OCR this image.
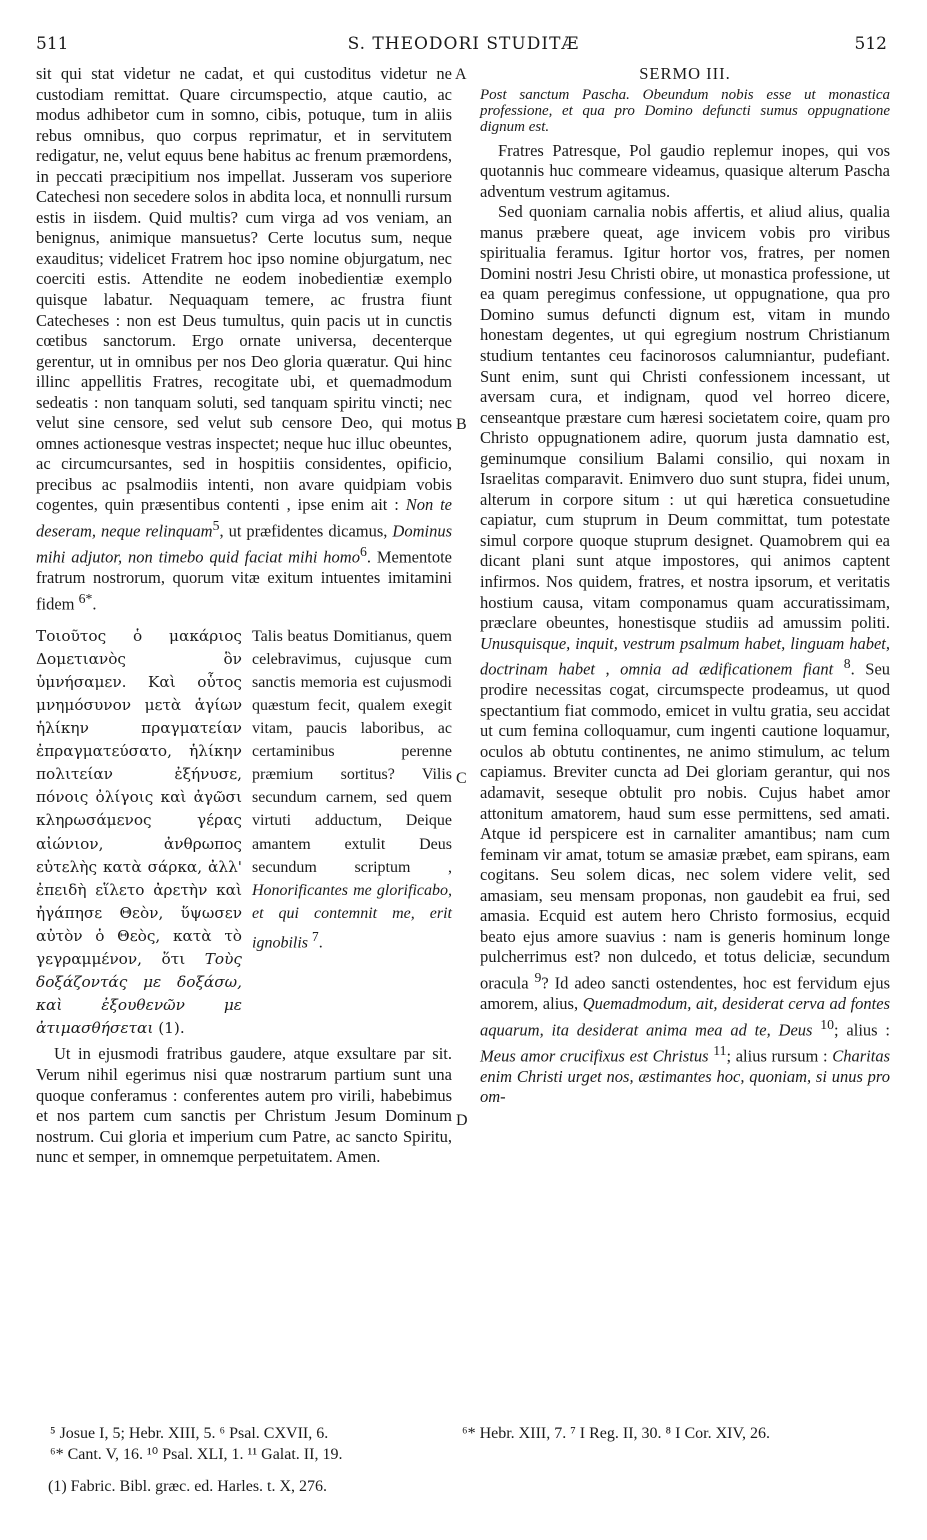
511	S. THEODORI STUDITÆ	512
A
B
C
D

sit qui stat videtur ne cadat, et qui custoditus videtur ne custodiam remittat. Quare circumspectio, atque cautio, ac modus adhibetor cum in somno, cibis, potuque, tum in aliis rebus omnibus, quo corpus reprimatur, et in servitutem redigatur, ne, velut equus bene habitus ac frenum præmordens, in peccati præcipitium nos impellat. Jusseram vos superiore Catechesi non secedere solos in abdita loca, et nonnulli rursum estis in iisdem. Quid multis? cum virga ad vos veniam, an benignus, animique mansuetus? Certe locutus sum, neque exauditus; videlicet Fratrem hoc ipso nomine objurgatum, nec coerciti estis. Attendite ne eodem inobedientiæ exemplo quisque labatur. Nequaquam temere, ac frustra fiunt Catecheses : non est Deus tumultus, quin pacis ut in cunctis cœtibus sanctorum. Ergo ornate universa, decenterque gerentur, ut in omnibus per nos Deo gloria quæratur. Qui hinc illinc appellitis Fratres, recogitate ubi, et quemadmodum sedeatis : non tanquam soluti, sed tanquam spiritu vincti; nec velut sine censore, sed velut sub censore Deo, qui motus omnes actionesque vestras inspectet; neque huc illuc obeuntes, ac circumcursantes, sed in hospitiis considentes, opificio, precibus ac psalmodiis intenti, non avare quidpiam vobis cogentes, quin præsentibus contenti , ipse enim ait : Non te deseram, neque relinquam$^5$, ut præfidentes dicamus, Dominus mihi adjutor, non timebo quid faciat mihi homo$^6$. Mementote fratrum nostrorum, quorum vitæ exitum intuentes imitamini fidem $^{6*}$.

Τοιοῦτος ὁ μακάριος Δομετιανὸς ὃν ὑμνήσαμεν. Καὶ οὗτος μνημόσυνον μετὰ ἁγίων ἡλίκην πραγματείαν ἐπραγματεύσατο, ἡλίκην πολιτείαν ἐξήνυσε, πόνοις ὀλίγοις καὶ ἀγῶσι κληρωσάμενος γέρας αἰώνιον, ἀνθρωπος εὐτελὴς κατὰ σάρκα, ἀλλ' ἐπειδὴ εἵλετο ἀρετὴν καὶ ἠγάπησε Θεὸν, ὕψωσεν αὐτὸν ὁ Θεὸς, κατὰ τὸ γεγραμμένον, ὅτι Τοὺς δοξάζοντάς με δοξάσω, καὶ ἐξουθενῶν με ἀτιμασθήσεται (1).
Talis beatus Domitianus, quem celebravimus, cujusque cum sanctis memoria est cujusmodi quæstum fecit, qualem exegit vitam, paucis laboribus, ac certaminibus perenne præmium sortitus? Vilis secundum carnem, sed quem virtuti adductum, Deique amantem extulit Deus secundum scriptum , Honorificantes me glorificabo, et qui contemnit me, erit ignobilis $^7$.

Ut in ejusmodi fratribus gaudere, atque exsultare par sit. Verum nihil egerimus nisi quæ nostrarum partium sunt una quoque conferamus : conferentes autem pro virili, habebimus et nos partem cum sanctis per Christum Jesum Dominum nostrum. Cui gloria et imperium cum Patre, ac sancto Spiritu, nunc et semper, in omnemque perpetuitatem. Amen.

SERMO III.

Post sanctum Pascha. Obeundum nobis esse ut monastica professione, et qua pro Domino defuncti sumus oppugnatione dignum est.

Fratres Patresque, Pol gaudio replemur inopes, qui vos quotannis huc commeare videamus, quasique alterum Pascha adventum vestrum agitamus.

Sed quoniam carnalia nobis affertis, et aliud alius, qualia manus præbere queat, age invicem vobis pro viribus spiritualia feramus. Igitur hortor vos, fratres, per nomen Domini nostri Jesu Christi obire, ut monastica professione, ut ea quam peregimus confessione, ut oppugnatione, qua pro Domino sumus defuncti dignum est, vitam in mundo honestam degentes, ut qui egregium nostrum Christianum studium tentantes ceu facinorosos calumniantur, pudefiant. Sunt enim, sunt qui Christi confessionem incessant, ut aversam cura, et indignam, quod vel horreo dicere, censeantque præstare cum hæresi societatem coire, quam pro Christo oppugnationem adire, quorum justa damnatio est, geminumque consilium Balami consilio, qui noxam in Israelitas comparavit. Enimvero duo sunt stupra, fidei unum, alterum in corpore situm : ut qui hæretica consuetudine capiatur, cum stuprum in Deum committat, tum potestate simul corpore quoque stuprum designet. Quamobrem qui ea dicant plani sunt atque impostores, qui animos captent infirmos. Nos quidem, fratres, et nostra ipsorum, et veritatis hostium causa, vitam componamus quam accuratissimam, præclare obeuntes, honestisque studiis ad amussim politi. Unusquisque, inquit, vestrum psalmum habet, linguam habet, doctrinam habet , omnia ad ædificationem fiant $^8$. Seu prodire necessitas cogat, circumspecte prodeamus, ut quod spectantium fiat commodo, emicet in vultu gratia, seu accidat ut cum femina colloquamur, cum ingenti cautione loquamur, oculos ab obtutu continentes, ne animo stimulum, ac telum capiamus. Breviter cuncta ad Dei gloriam gerantur, qui nos adamavit, seseque obtulit pro nobis. Cujus habet amor attonitum amatorem, haud sum esse permittens, sed amati. Atque id perspicere est in carnaliter amantibus; nam cum feminam vir amat, totum se amasiæ præbet, eam spirans, eam cogitans. Seu solem dicas, nec solem videre velit, sed amasiam, seu mensam proponas, non gaudebit ea frui, sed amasia. Ecquid est autem hero Christo formosius, ecquid beato ejus amore suavius : nam is generis hominum longe pulcherrimus est? non dulcedo, et totus deliciæ, secundum oracula $^9$? Id adeo sancti ostendentes, hoc est fervidum ejus amorem, alius, Quemadmodum, ait, desiderat cerva ad fontes aquarum, ita desiderat anima mea ad te, Deus $^{10}$; alius : Meus amor crucifixus est Christus $^{11}$; alius rursum : Charitas enim Christi urget nos, æstimantes hoc, quoniam, si unus pro om-

⁵ Josue I, 5; Hebr. XIII, 5. ⁶ Psal. CXVII, 6.
⁶* Cant. V, 16. ¹⁰ Psal. XLI, 1. ¹¹ Galat. II, 19.
⁶* Hebr. XIII, 7. ⁷ I Reg. II, 30. ⁸ I Cor. XIV, 26.
(1) Fabric. Bibl. græc. ed. Harles. t. X, 276.
